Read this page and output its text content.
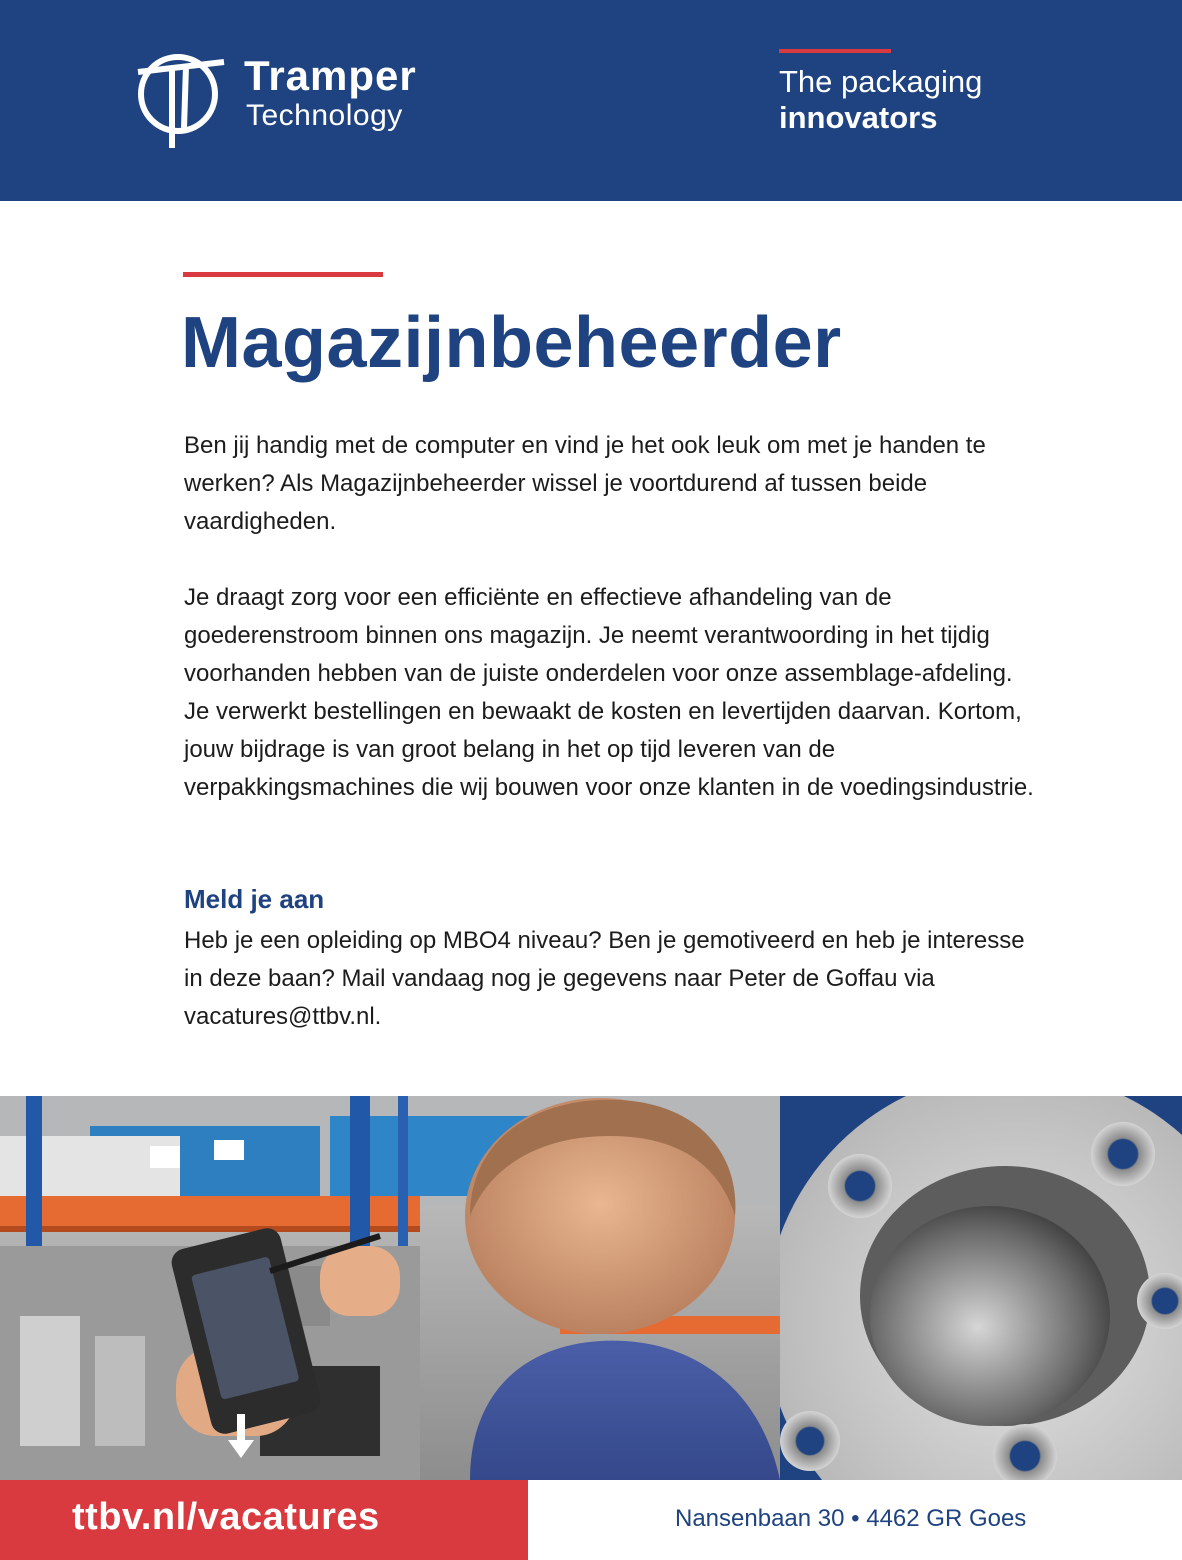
Tramper
Technology
The packaging
innovators
Magazijnbeheerder

Ben jij handig met de computer en vind je het ook leuk om met je handen te werken? Als Magazijnbeheerder wissel je voortdurend af tussen beide vaardigheden.

Je draagt zorg voor een efficiënte en effectieve afhandeling van de goederenstroom binnen ons magazijn. Je neemt verantwoording in het tijdig voorhanden hebben van de juiste onderdelen voor onze assemblage-afdeling. Je verwerkt bestellingen en bewaakt de kosten en levertijden daarvan. Kortom, jouw bijdrage is van groot belang in het op tijd leveren van de verpakkingsmachines die wij bouwen voor onze klanten in de voedingsindustrie.

Meld je aan

Heb je een opleiding op MBO4 niveau? Ben je gemotiveerd en heb je interesse in deze baan? Mail vandaag nog je gegevens naar Peter de Goffau via vacatures@ttbv.nl.

ttbv.nl/vacatures	Nansenbaan 30 • 4462 GR Goes
